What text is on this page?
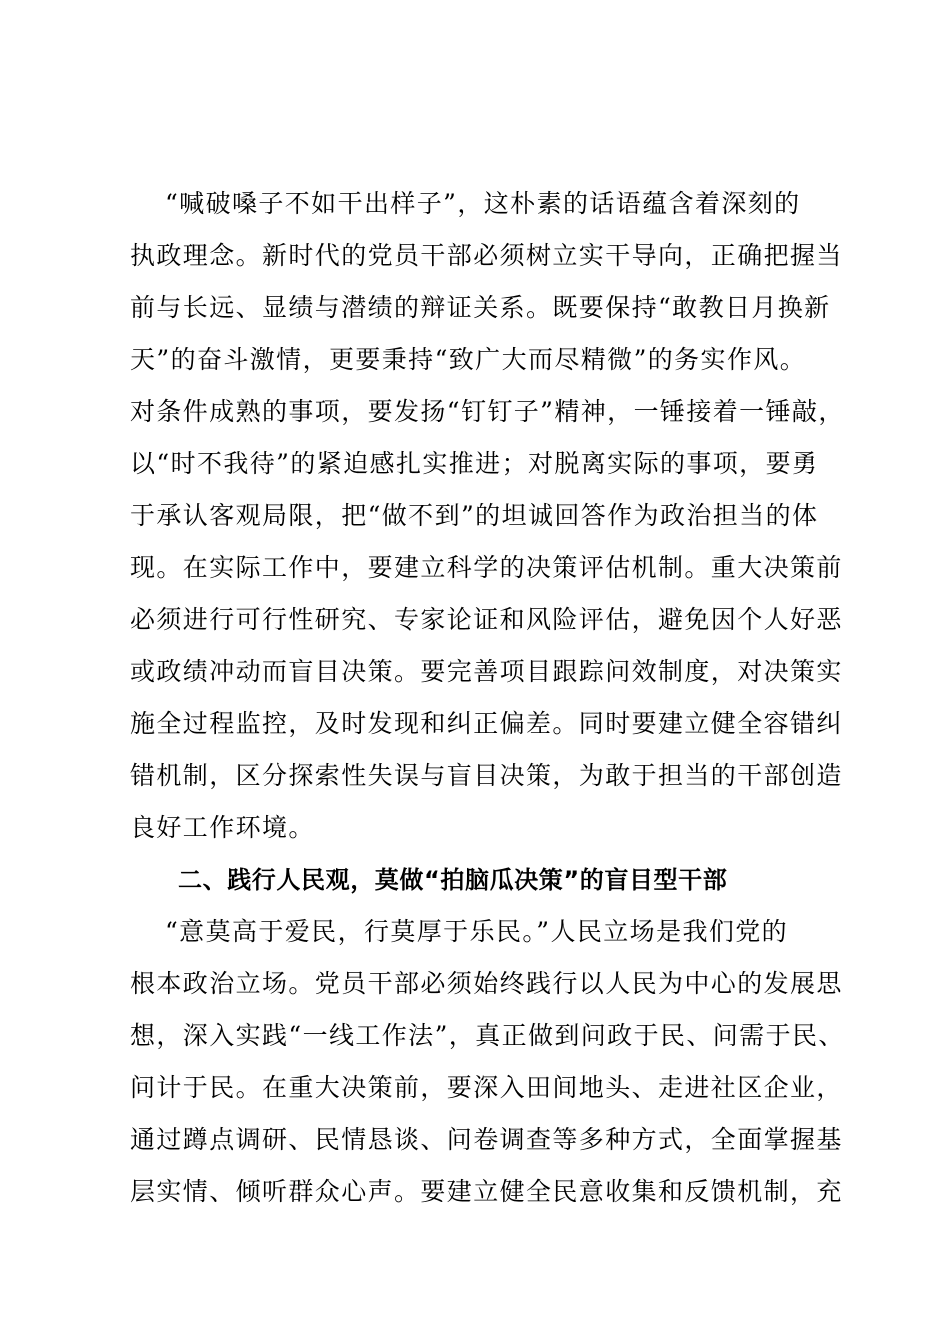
“喊破嗓子不如干出样子”，这朴素的话语蕴含着深刻的
执政理念。新时代的党员干部必须树立实干导向，正确把握当
前与长远、显绩与潜绩的辩证关系。既要保持“敢教日月换新
天”的奋斗激情，更要秉持“致广大而尽精微”的务实作风。
对条件成熟的事项，要发扬“钉钉子”精神，一锤接着一锤敲，
以“时不我待”的紧迫感扎实推进；对脱离实际的事项，要勇
于承认客观局限，把“做不到”的坦诚回答作为政治担当的体
现。在实际工作中，要建立科学的决策评估机制。重大决策前
必须进行可行性研究、专家论证和风险评估，避免因个人好恶
或政绩冲动而盲目决策。要完善项目跟踪问效制度，对决策实
施全过程监控，及时发现和纠正偏差。同时要建立健全容错纠
错机制，区分探索性失误与盲目决策，为敢于担当的干部创造
良好工作环境。
二、践行人民观，莫做“拍脑瓜决策”的盲目型干部
“意莫高于爱民，行莫厚于乐民。”人民立场是我们党的
根本政治立场。党员干部必须始终践行以人民为中心的发展思
想，深入实践“一线工作法”，真正做到问政于民、问需于民、
问计于民。在重大决策前，要深入田间地头、走进社区企业，
通过蹲点调研、民情恳谈、问卷调查等多种方式，全面掌握基
层实情、倾听群众心声。要建立健全民意收集和反馈机制，充
